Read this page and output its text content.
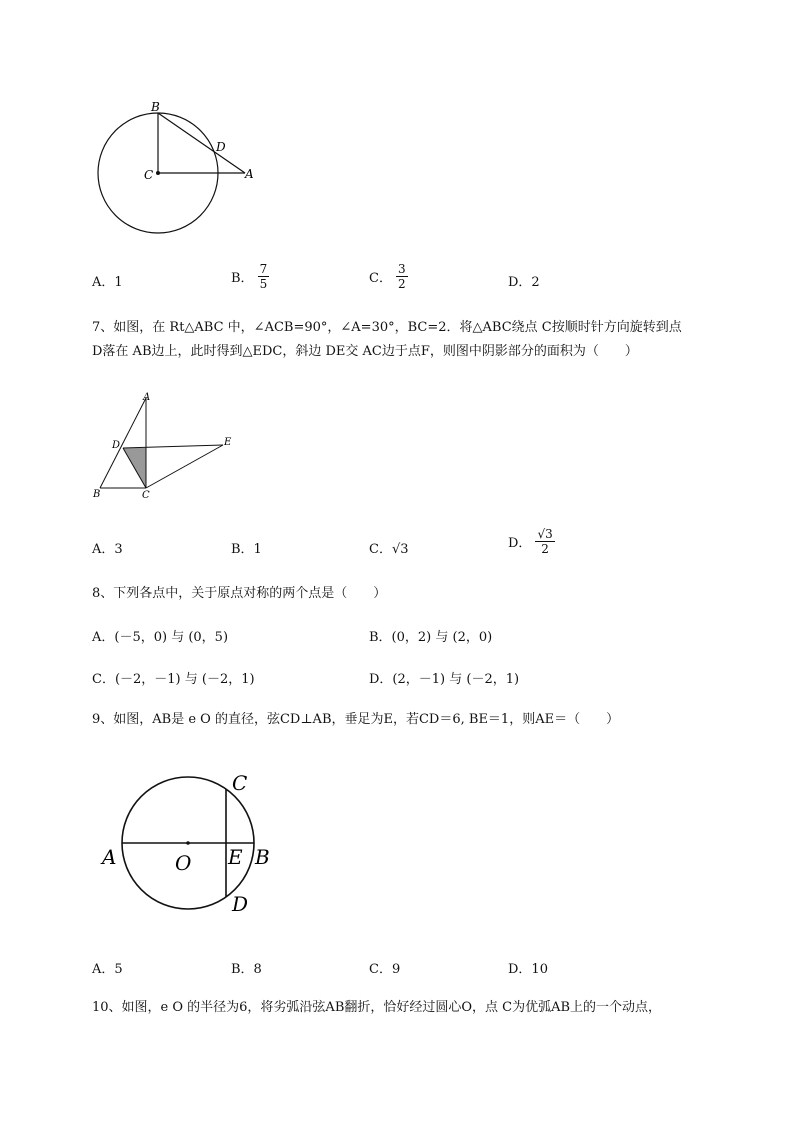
B
D
C	A
A．1	B． $\frac{7}{5}$	C． $\frac{3}{2}$	D．2
7、如图，在 Rt△ABC 中，∠ACB=90°，∠A=30°，BC=2．将△ABC绕点 C按顺时针方向旋转到点
D落在 AB边上，此时得到△EDC，斜边 DE交 AC边于点F，则图中阴影部分的面积为（　　）
A
D	E
B	C
A．3	B．1	C．√3	D． $\frac{√3}{2}$
8、下列各点中，关于原点对称的两个点是（　　）
A．(－5，0) 与 (0，5)	B．(0，2) 与 (2，0)
C．(－2，－1) 与 (－2，1)	D．(2，－1) 与 (－2，1)
9、如图，AB是 e O 的直径，弦CD⊥AB，垂足为E，若CD＝6, BE＝1，则AE＝（　　）
C
A	O E B
D
A．5	B．8	C．9	D．10
10、如图，e O 的半径为6，将劣弧沿弦AB翻折，恰好经过圆心O，点 C为优弧AB上的一个动点，
